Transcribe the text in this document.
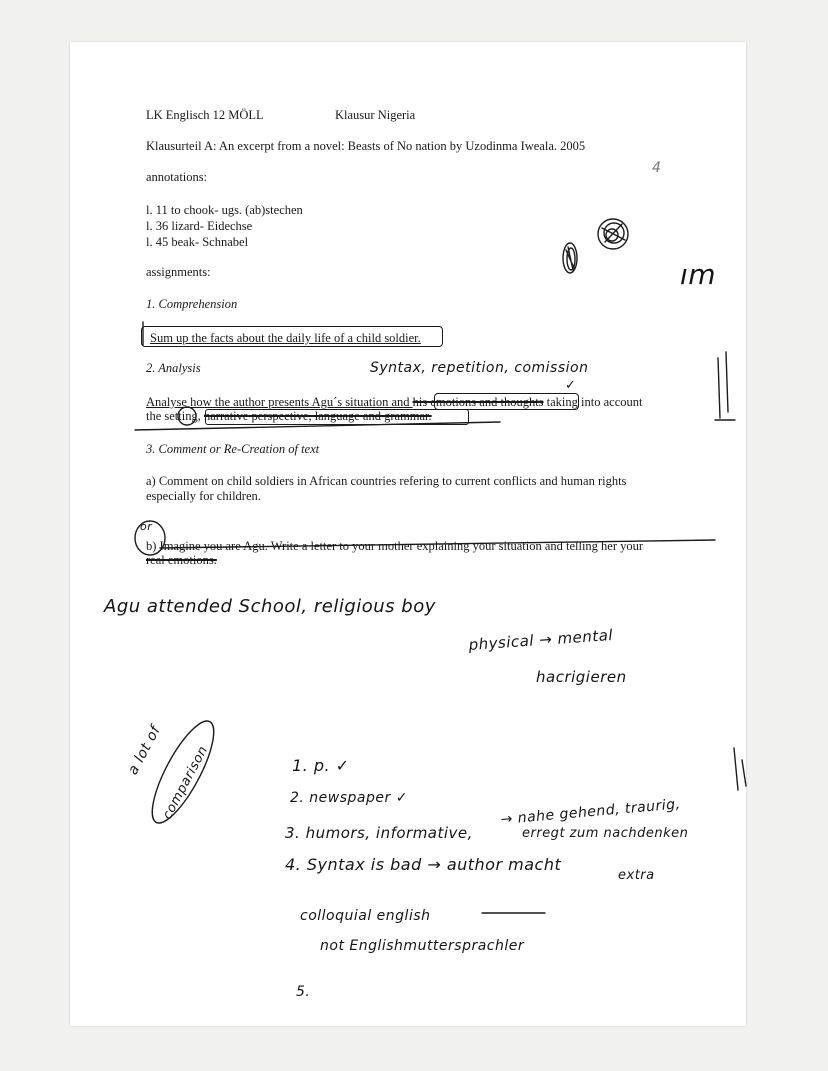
LK Englisch 12 MÖLL	Klausur Nigeria
Klausurteil A: An excerpt from a novel: Beasts of No nation by Uzodinma Iweala. 2005
annotations:
l. 11 to chook- ugs. (ab)stechen
l. 36 lizard- Eidechse
l. 45 beak- Schnabel
assignments:
1. Comprehension
Sum up the facts about the daily life of a child soldier.
2. Analysis
Analyse how the author presents Agu´s situation and his emotions and thoughts taking into account
the setting, narrative perspective, language and grammar.
3. Comment or Re-Creation of text
a) Comment on child soldiers in African countries refering to current conflicts and human rights
especially for children.
b) Imagine you are Agu. Write a letter to your mother explaining your situation and telling her your
real emotions.
4
ım
Syntax, repetition, comission
✓
or
Agu attended School, religious boy
physical → mental
hacrigieren
a lot of
comparison	1. p. ✓
2. newspaper ✓
3. humors, informative,
→ nahe gehend, traurig,
erregt zum nachdenken
4. Syntax is bad → author macht
extra
colloquial english
not Englishmuttersprachler
5.
